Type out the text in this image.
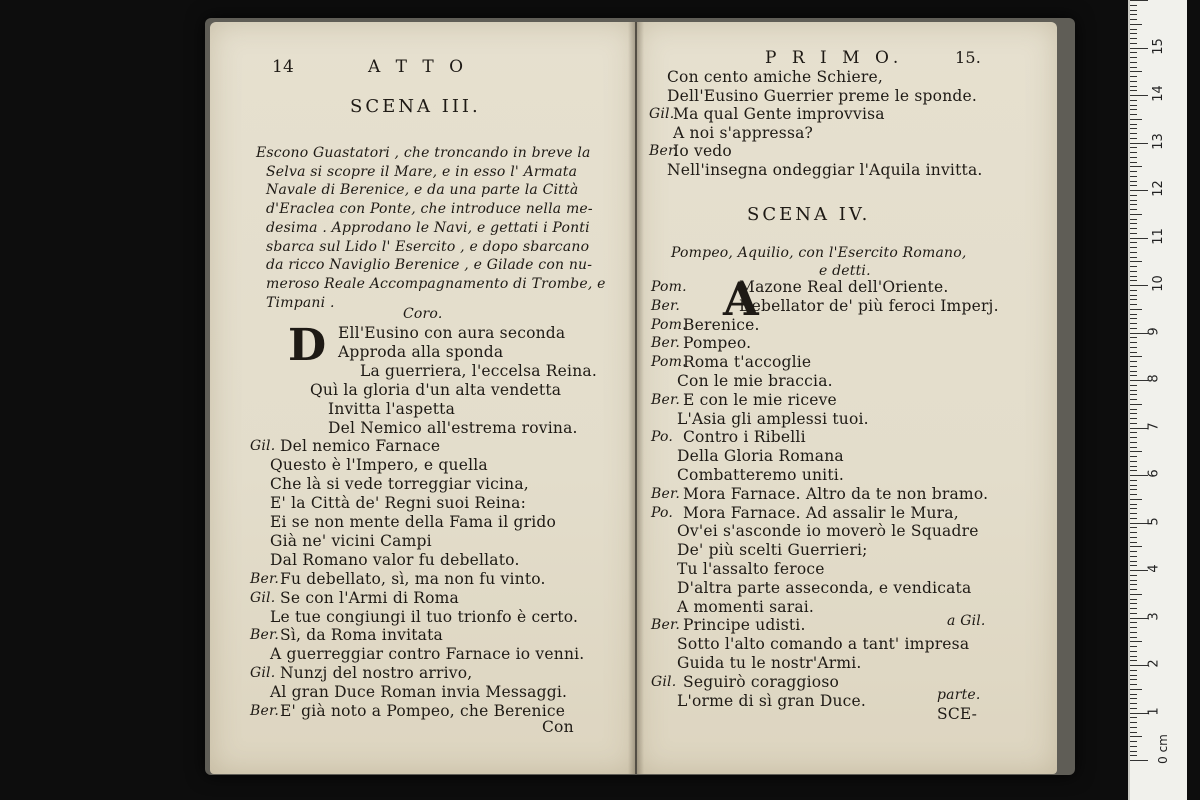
14	A T T O
SCENA III.
Escono Guastatori , che troncando in breve la
Selva si scopre il Mare, e in esso l' Armata
Navale di Berenice, e da una parte la Città
d'Eraclea con Ponte, che introduce nella me-
desima . Approdano le Navi, e gettati i Ponti
sbarca sul Lido l' Esercito , e dopo sbarcano
da ricco Naviglio Berenice , e Gilade con nu-
meroso Reale Accompagnamento di Trombe, e
Timpani .
Coro.
D Ell'Eusino con aura seconda
Approda alla sponda
La guerriera, l'eccelsa Reina.
Quì la gloria d'un alta vendetta
Invitta l'aspetta
Del Nemico all'estrema rovina.
Gil. Del nemico Farnace
Questo è l'Impero, e quella
Che là si vede torreggiar vicina,
E' la Città de' Regni suoi Reina:
Ei se non mente della Fama il grido
Già ne' vicini Campi
Dal Romano valor fu debellato.
Ber. Fu debellato, sì, ma non fu vinto.
Gil. Se con l'Armi di Roma
Le tue congiungi il tuo trionfo è certo.
Ber. Sì, da Roma invitata
A guerreggiar contro Farnace io venni.
Gil. Nunzj del nostro arrivo,
Al gran Duce Roman invia Messaggi.
Ber. E' già noto a Pompeo, che Berenice
Con
P R I M O.	15.
Con cento amiche Schiere,
Dell'Eusino Guerrier preme le sponde.
Gil.
Ma qual Gente improvvisa
A noi s'appressa?
Ber.
Io vedo
Nell'insegna ondeggiar l'Aquila invitta.
SCENA IV.
Pompeo, Aquilio, con l'Esercito Romano,
e detti.
A
Pom.	Mazone Real dell'Oriente.
Ber.	Debellator de' più feroci Imperj.
Pom.
Berenice.
Ber. Pompeo.
Pom.
Roma t'accoglie
Con le mie braccia.
Ber. E con le mie riceve
L'Asia gli amplessi tuoi.
Po. Contro i Ribelli
Della Gloria Romana
Combatteremo uniti.
Ber. Mora Farnace. Altro da te non bramo.
Po. Mora Farnace. Ad assalir le Mura,
Ov'ei s'asconde io moverò le Squadre
De' più scelti Guerrieri;
Tu l'assalto feroce
D'altra parte asseconda, e vendicata
A momenti sarai.
Ber. Principe udisti.
Sotto l'alto comando a tant' impresa
Guida tu le nostr'Armi.
Gil. Seguirò coraggioso
L'orme di sì gran Duce.
a Gil.
parte.
SCE-	1
2
3
4
5
6
7
8
9
10
11
12
13
14
15
0 cm
